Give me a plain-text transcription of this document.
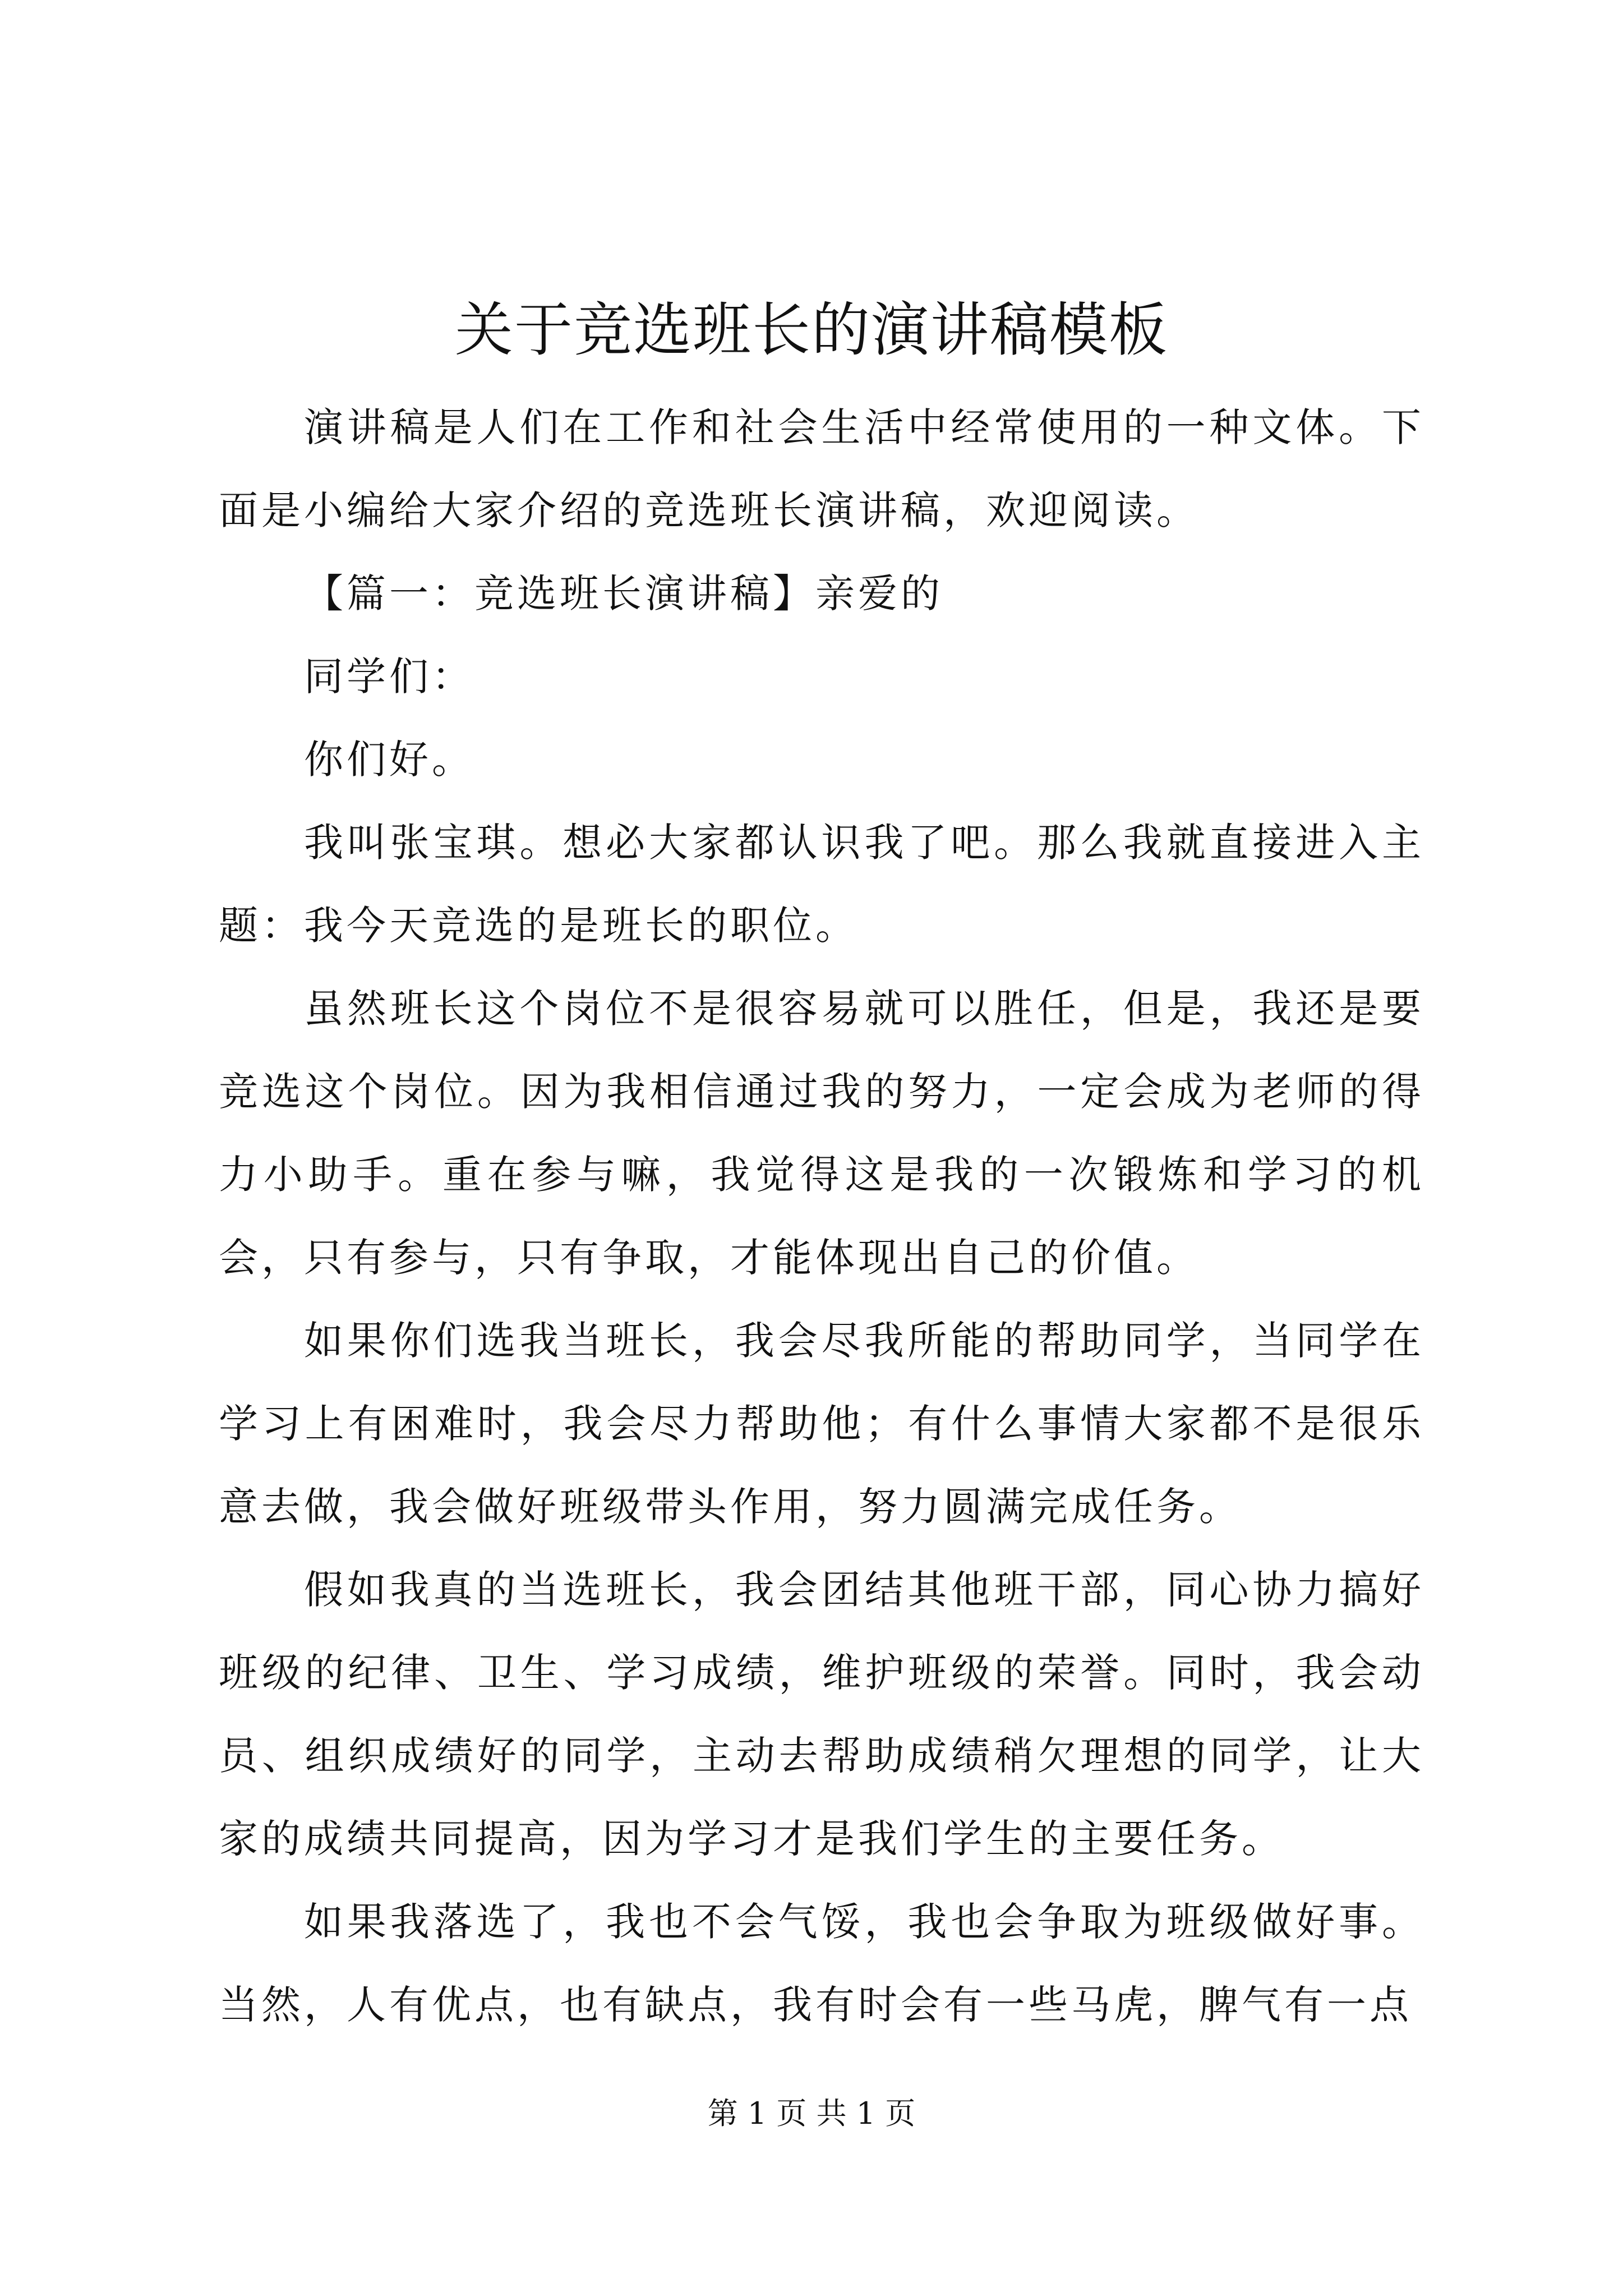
关于竞选班长的演讲稿模板

演讲稿是人们在工作和社会生活中经常使用的一种文体。下面是小编给大家介绍的竞选班长演讲稿，欢迎阅读。

【篇一：竞选班长演讲稿】亲爱的

同学们：

你们好。

我叫张宝琪。想必大家都认识我了吧。那么我就直接进入主题：我今天竞选的是班长的职位。

虽然班长这个岗位不是很容易就可以胜任，但是，我还是要竞选这个岗位。因为我相信通过我的努力，一定会成为老师的得力小助手。重在参与嘛，我觉得这是我的一次锻炼和学习的机会，只有参与，只有争取，才能体现出自己的价值。

如果你们选我当班长，我会尽我所能的帮助同学，当同学在学习上有困难时，我会尽力帮助他；有什么事情大家都不是很乐意去做，我会做好班级带头作用，努力圆满完成任务。

假如我真的当选班长，我会团结其他班干部，同心协力搞好班级的纪律、卫生、学习成绩，维护班级的荣誉。同时，我会动员、组织成绩好的同学，主动去帮助成绩稍欠理想的同学，让大家的成绩共同提高，因为学习才是我们学生的主要任务。

如果我落选了，我也不会气馁，我也会争取为班级做好事。当然，人有优点，也有缺点，我有时会有一些马虎，脾气有一点

第 1 页 共 1 页
